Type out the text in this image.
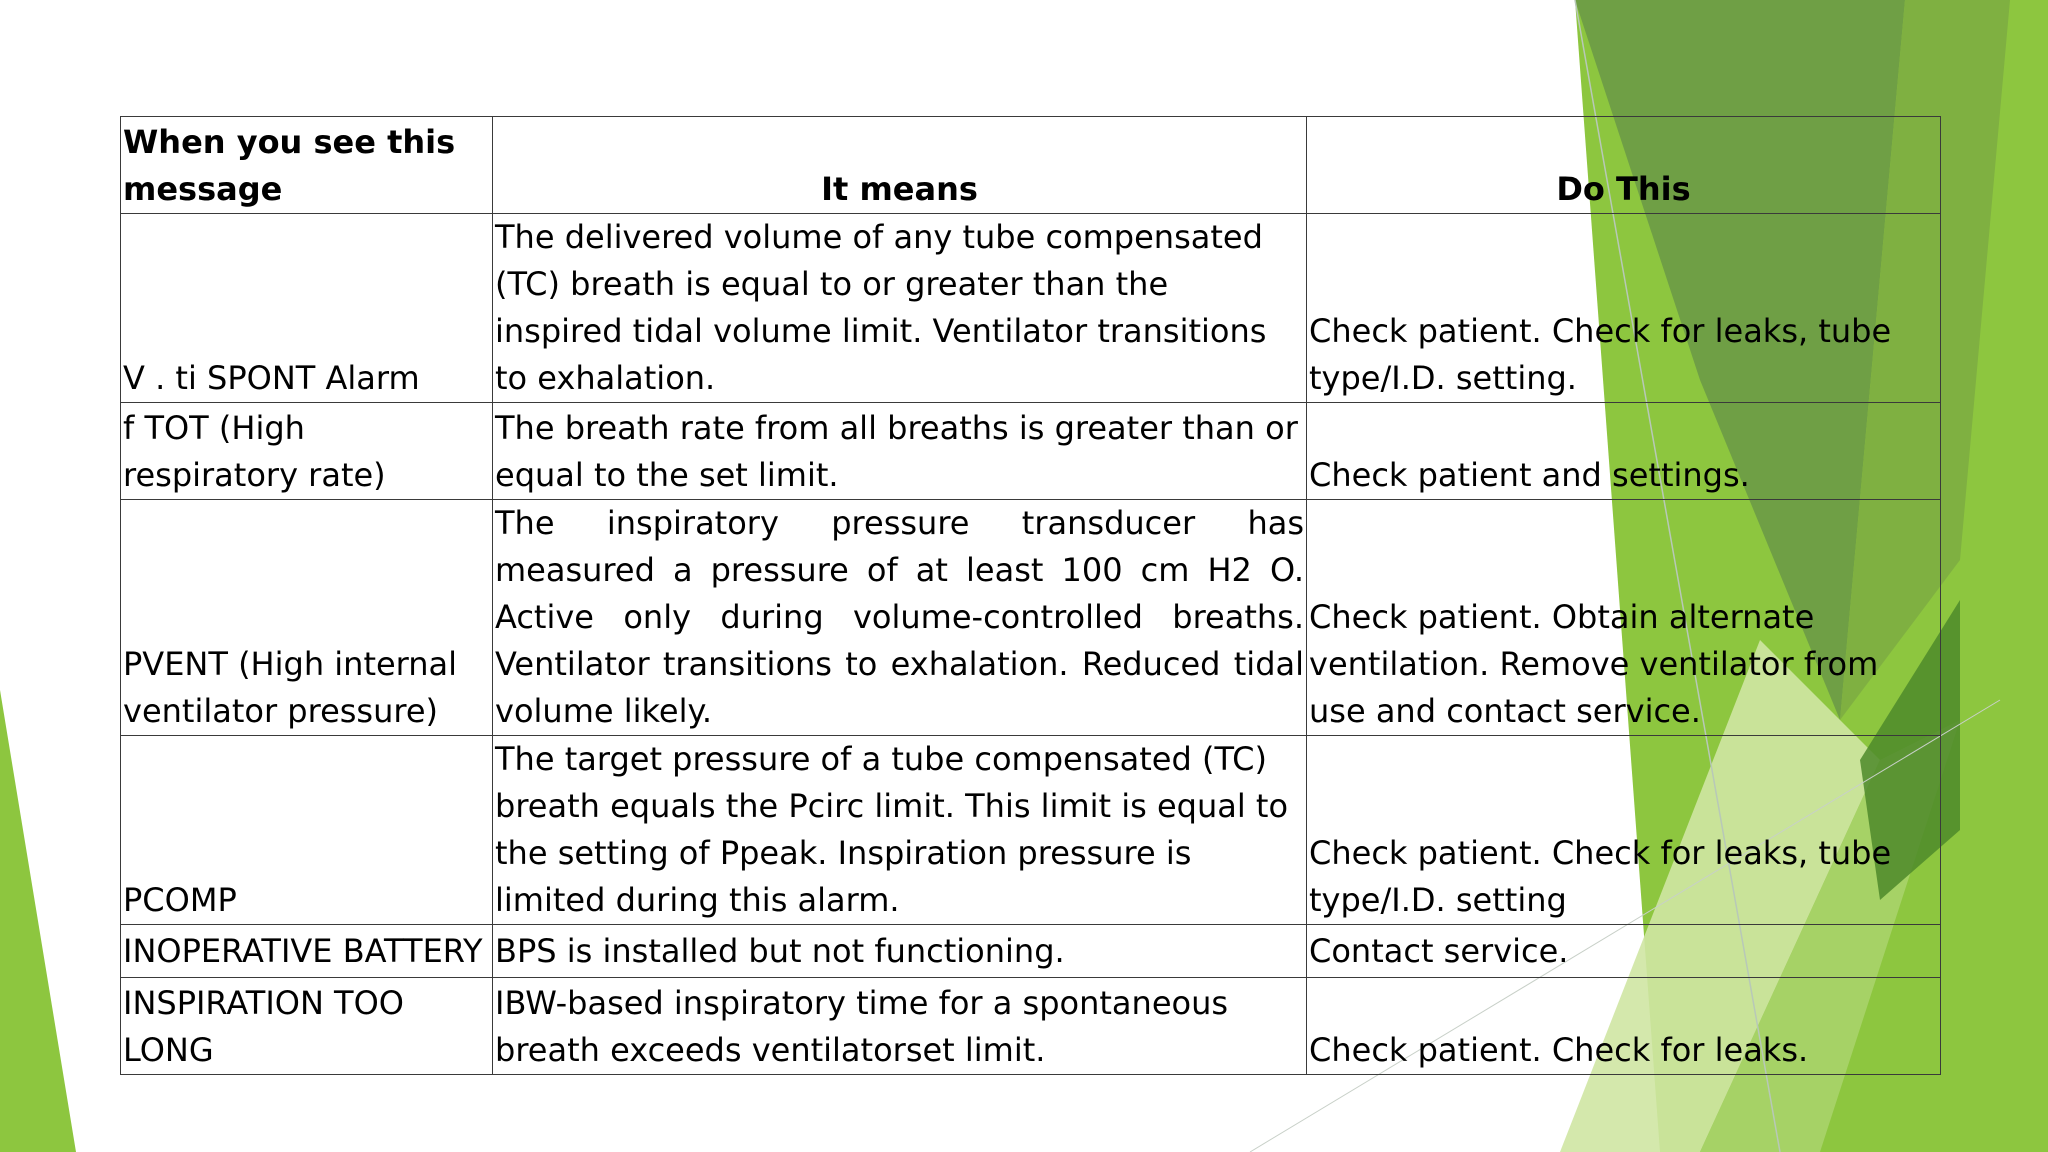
When you see this message	It means	Do This
V . ti SPONT Alarm	The delivered volume of any tube compensated (TC) breath is equal to or greater than the inspired tidal volume limit. Ventilator transitions to exhalation.	Check patient. Check for leaks, tube type/I.D. setting.
f TOT (High respiratory rate)	The breath rate from all breaths is greater than or equal to the set limit.	Check patient and settings.
PVENT (High internal ventilator pressure)	The inspiratory pressure transducer has measured a pressure of at least 100 cm H2 O. Active only during volume-controlled breaths. Ventilator transitions to exhalation. Reduced tidal volume likely.	Check patient. Obtain alternate ventilation. Remove ventilator from use and contact service.
PCOMP	The target pressure of a tube compensated (TC) breath equals the Pcirc limit. This limit is equal to the setting of Ppeak. Inspiration pressure is limited during this alarm.	Check patient. Check for leaks, tube type/I.D. setting
INOPERATIVE BATTERY	BPS is installed but not functioning.	Contact service.
INSPIRATION TOO LONG	IBW-based inspiratory time for a spontaneous breath exceeds ventilatorset limit.	Check patient. Check for leaks.
